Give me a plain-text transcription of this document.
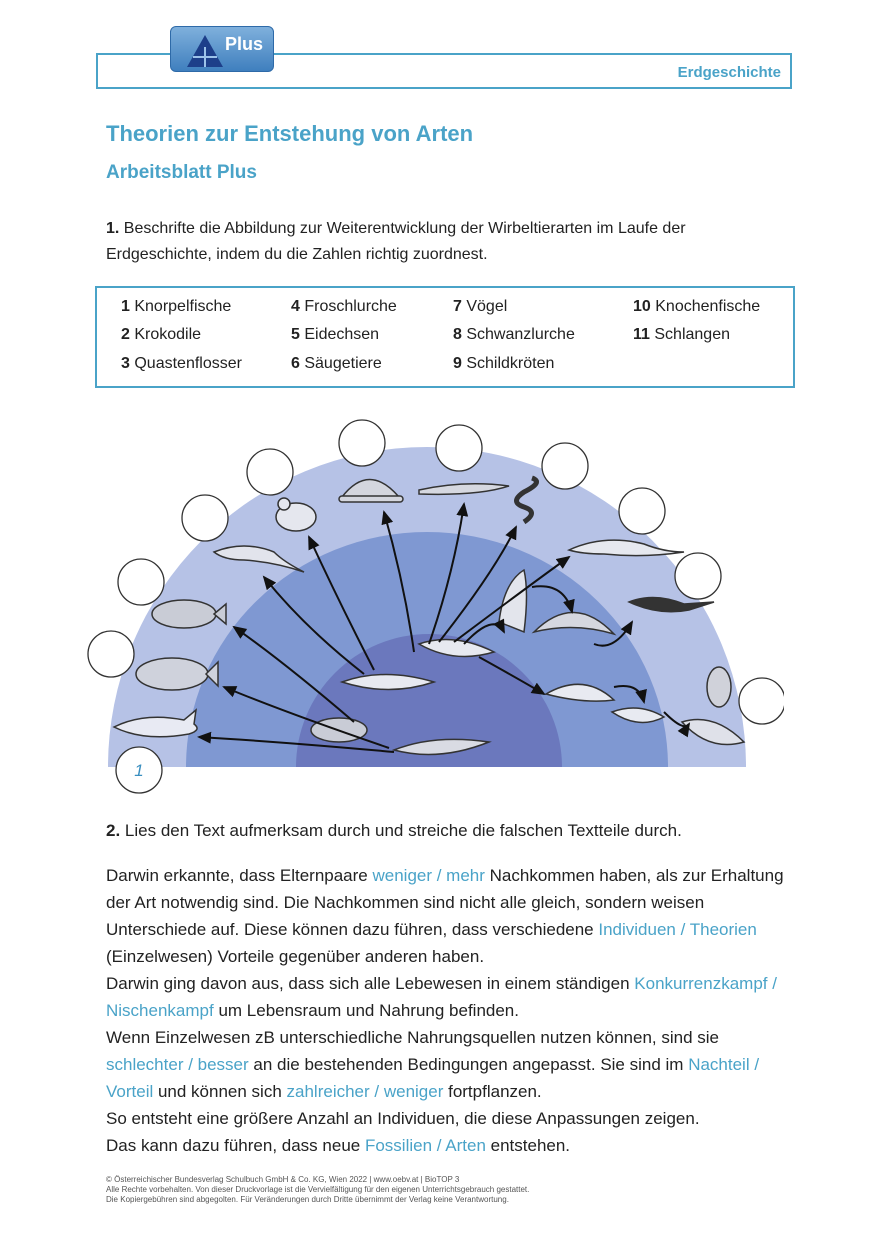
Erdgeschichte
Plus
Theorien zur Entstehung von Arten
Arbeitsblatt Plus
1. Beschrifte die Abbildung zur Weiterentwicklung der Wirbeltierarten im Laufe der Erdgeschichte, indem du die Zahlen richtig zuordnest.
1 Knorpelfische
2 Krokodile
3 Quastenflosser
4 Froschlurche
5 Eidechsen
6 Säugetiere
7 Vögel
8 Schwanzlurche
9 Schildkröten
10 Knochenfische
11 Schlangen
1
2. Lies den Text aufmerksam durch und streiche die falschen Textteile durch.
Darwin erkannte, dass Elternpaare weniger / mehr Nachkommen haben, als zur Erhaltung der Art notwendig sind. Die Nachkommen sind nicht alle gleich, sondern weisen Unterschiede auf. Diese können dazu führen, dass verschiedene Individuen / Theorien (Einzelwesen) Vorteile gegenüber anderen haben.
Darwin ging davon aus, dass sich alle Lebewesen in einem ständigen Konkurrenzkampf / Nischenkampf um Lebensraum und Nahrung befinden.
Wenn Einzelwesen zB unterschiedliche Nahrungsquellen nutzen können, sind sie schlechter / besser an die bestehenden Bedingungen angepasst. Sie sind im Nachteil / Vorteil und können sich zahlreicher / weniger fortpflanzen.
So entsteht eine größere Anzahl an Individuen, die diese Anpassungen zeigen.
Das kann dazu führen, dass neue Fossilien / Arten entstehen.
© Österreichischer Bundesverlag Schulbuch GmbH & Co. KG, Wien 2022 | www.oebv.at | BioTOP 3
Alle Rechte vorbehalten. Von dieser Druckvorlage ist die Vervielfältigung für den eigenen Unterrichtsgebrauch gestattet.
Die Kopiergebühren sind abgegolten. Für Veränderungen durch Dritte übernimmt der Verlag keine Verantwortung.
